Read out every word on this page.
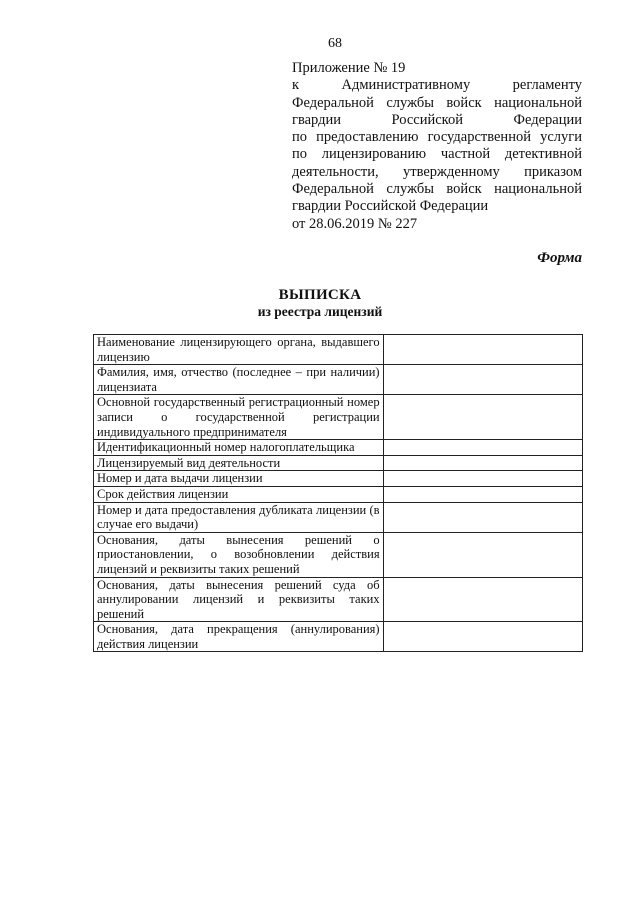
68
Приложение № 19
к Административному регламенту
Федеральной службы войск национальной
гвардии Российской Федерации
по предоставлению государственной услуги
по лицензированию частной детективной
деятельности, утвержденному приказом
Федеральной службы войск национальной
гвардии Российской Федерации
от 28.06.2019 № 227
Форма
ВЫПИСКА
из реестра лицензий
Наименование лицензирующего органа, выдавшего лицензию	
Фамилия, имя, отчество (последнее – при наличии) лицензиата	
Основной государственный регистрационный номер записи о государственной регистрации индивидуального предпринимателя	
Идентификационный номер налогоплательщика	
Лицензируемый вид деятельности	
Номер и дата выдачи лицензии	
Срок действия лицензии	
Номер и дата предоставления дубликата лицензии (в случае его выдачи)	
Основания, даты вынесения решений о приостановлении, о возобновлении действия лицензий и реквизиты таких решений	
Основания, даты вынесения решений суда об аннулировании лицензий и реквизиты таких решений	
Основания, дата прекращения (аннулирования) действия лицензии	
